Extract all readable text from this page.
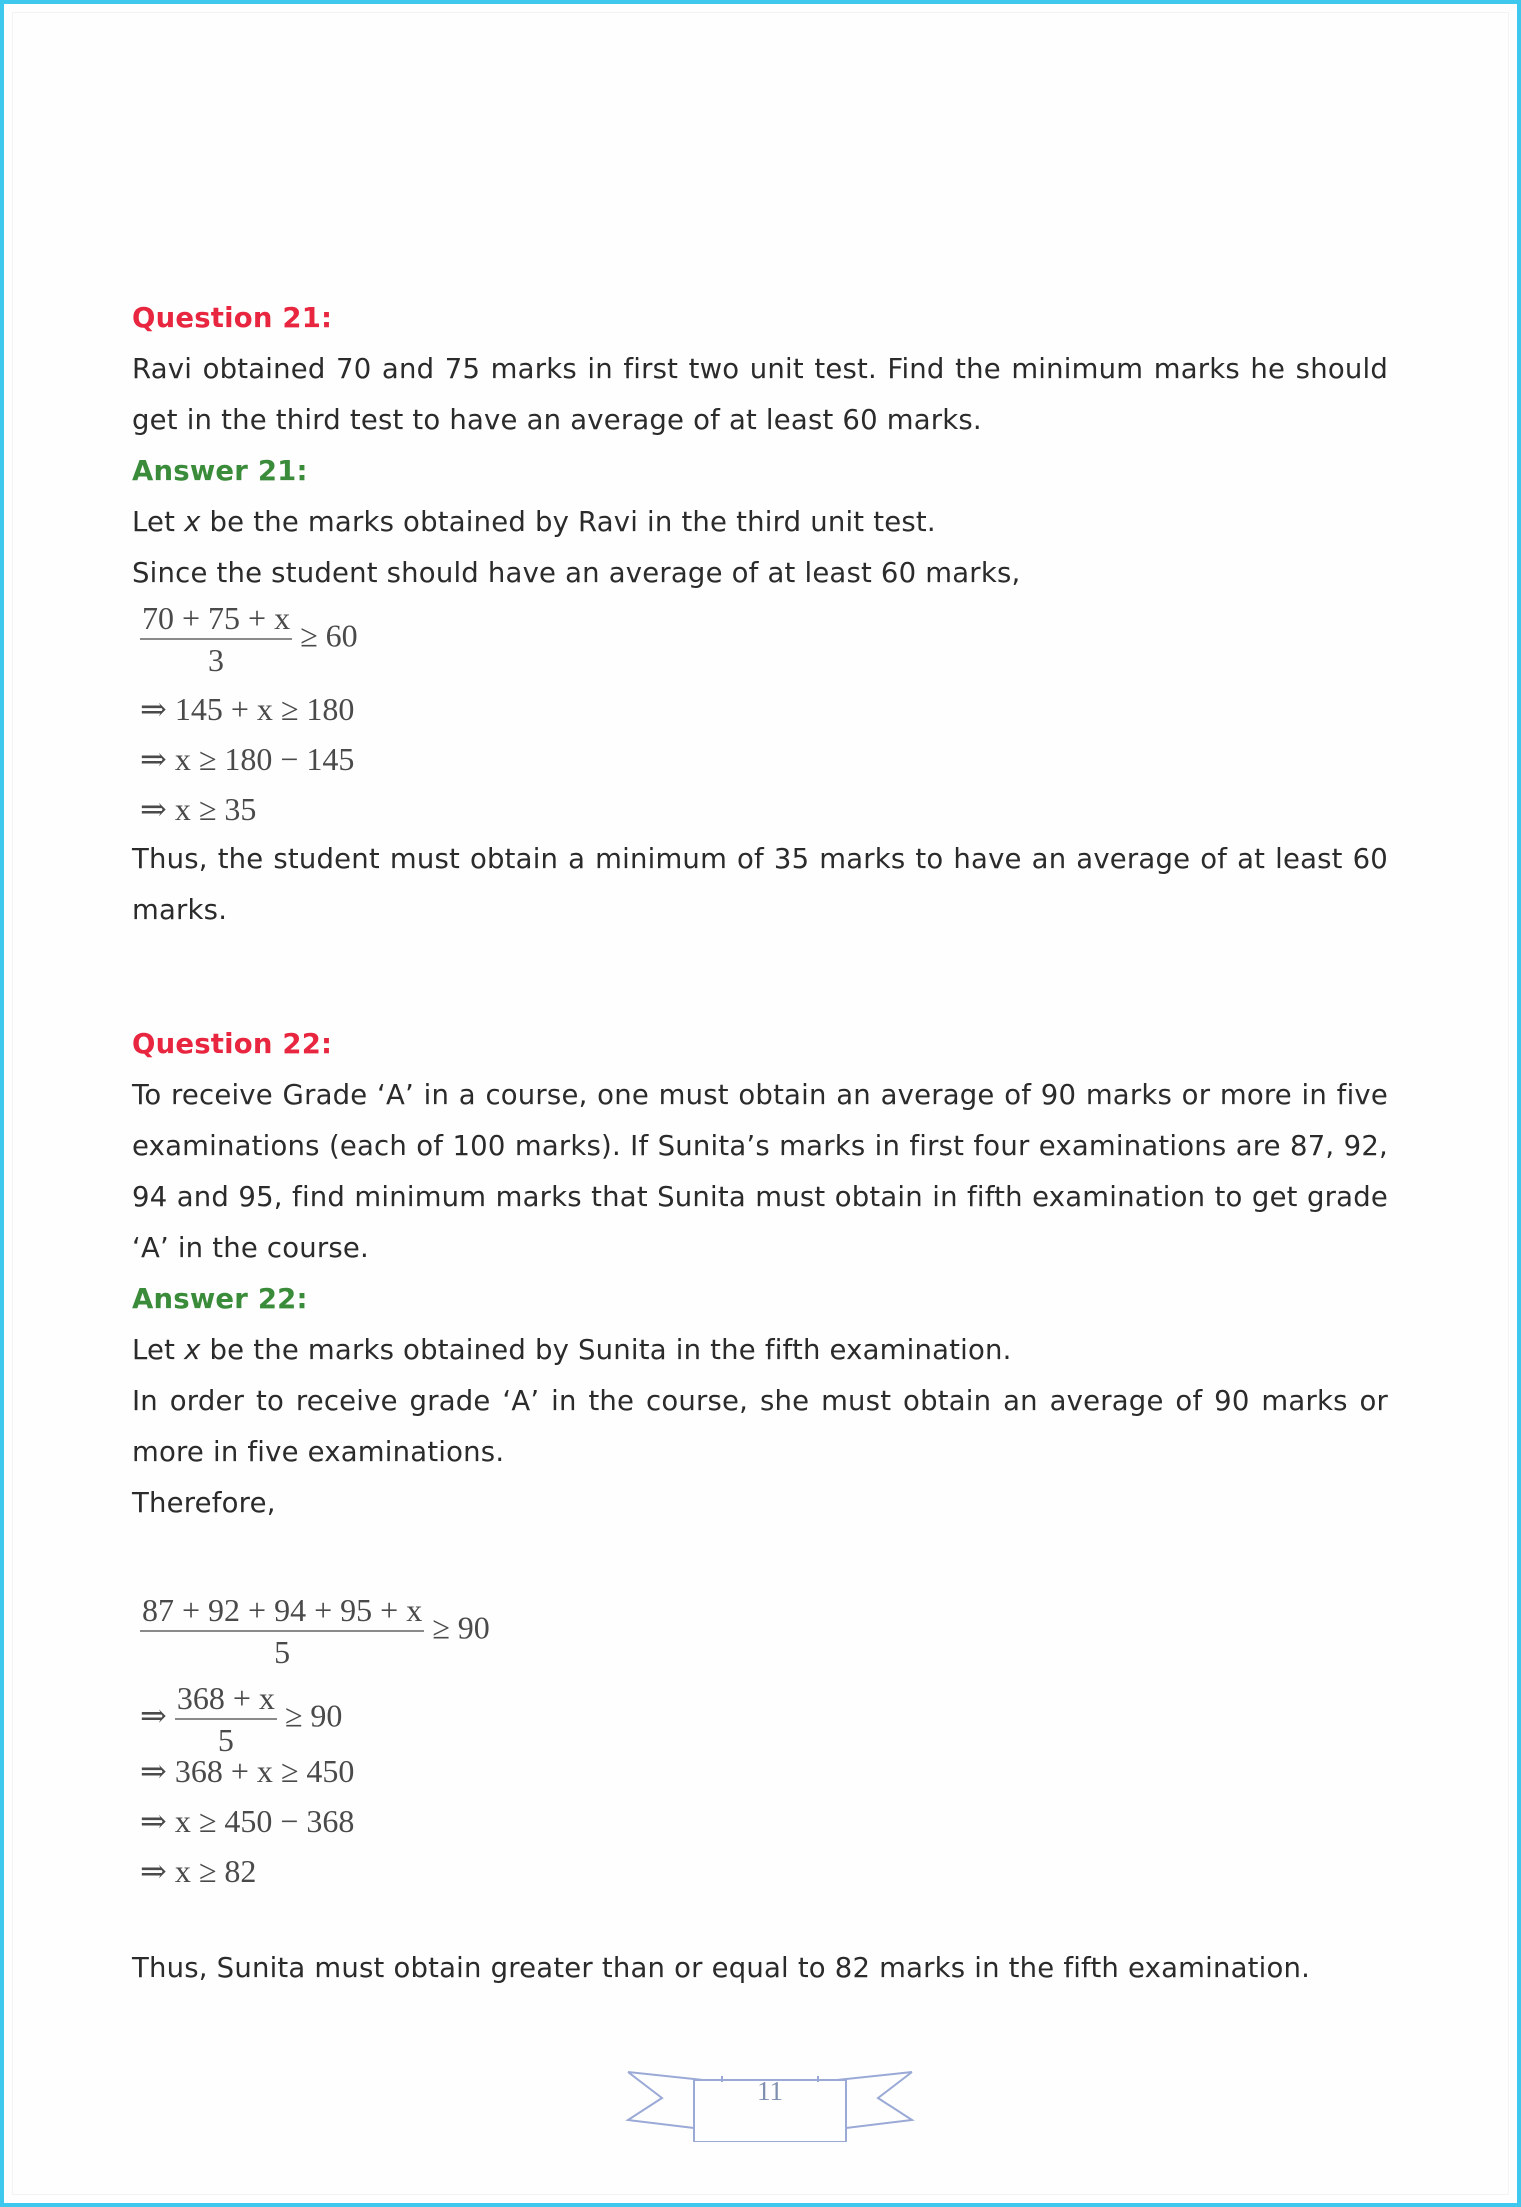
Question 21:
Ravi obtained 70 and 75 marks in first two unit test. Find the minimum marks he should
get in the third test to have an average of at least 60 marks.
Answer 21:
Let x be the marks obtained by Ravi in the third unit test.
Since the student should have an average of at least 60 marks,
$\frac{70 + 75 + x}{3} \ge 60$
⇒ 145 + x ≥ 180
⇒ x ≥ 180 − 145
⇒ x ≥ 35
Thus, the student must obtain a minimum of 35 marks to have an average of at least 60
marks.
Question 22:
To receive Grade ‘A’ in a course, one must obtain an average of 90 marks or more in five
examinations (each of 100 marks). If Sunita’s marks in first four examinations are 87, 92,
94 and 95, find minimum marks that Sunita must obtain in fifth examination to get grade
‘A’ in the course.
Answer 22:
Let x be the marks obtained by Sunita in the fifth examination.
In order to receive grade ‘A’ in the course, she must obtain an average of 90 marks or
more in five examinations.
Therefore,
$\frac{87 + 92 + 94 + 95 + x}{5} \ge 90$
⇒ $\frac{368 + x}{5} \ge 90$
⇒ 368 + x ≥ 450
⇒ x ≥ 450 − 368
⇒ x ≥ 82
Thus, Sunita must obtain greater than or equal to 82 marks in the fifth examination.
11
